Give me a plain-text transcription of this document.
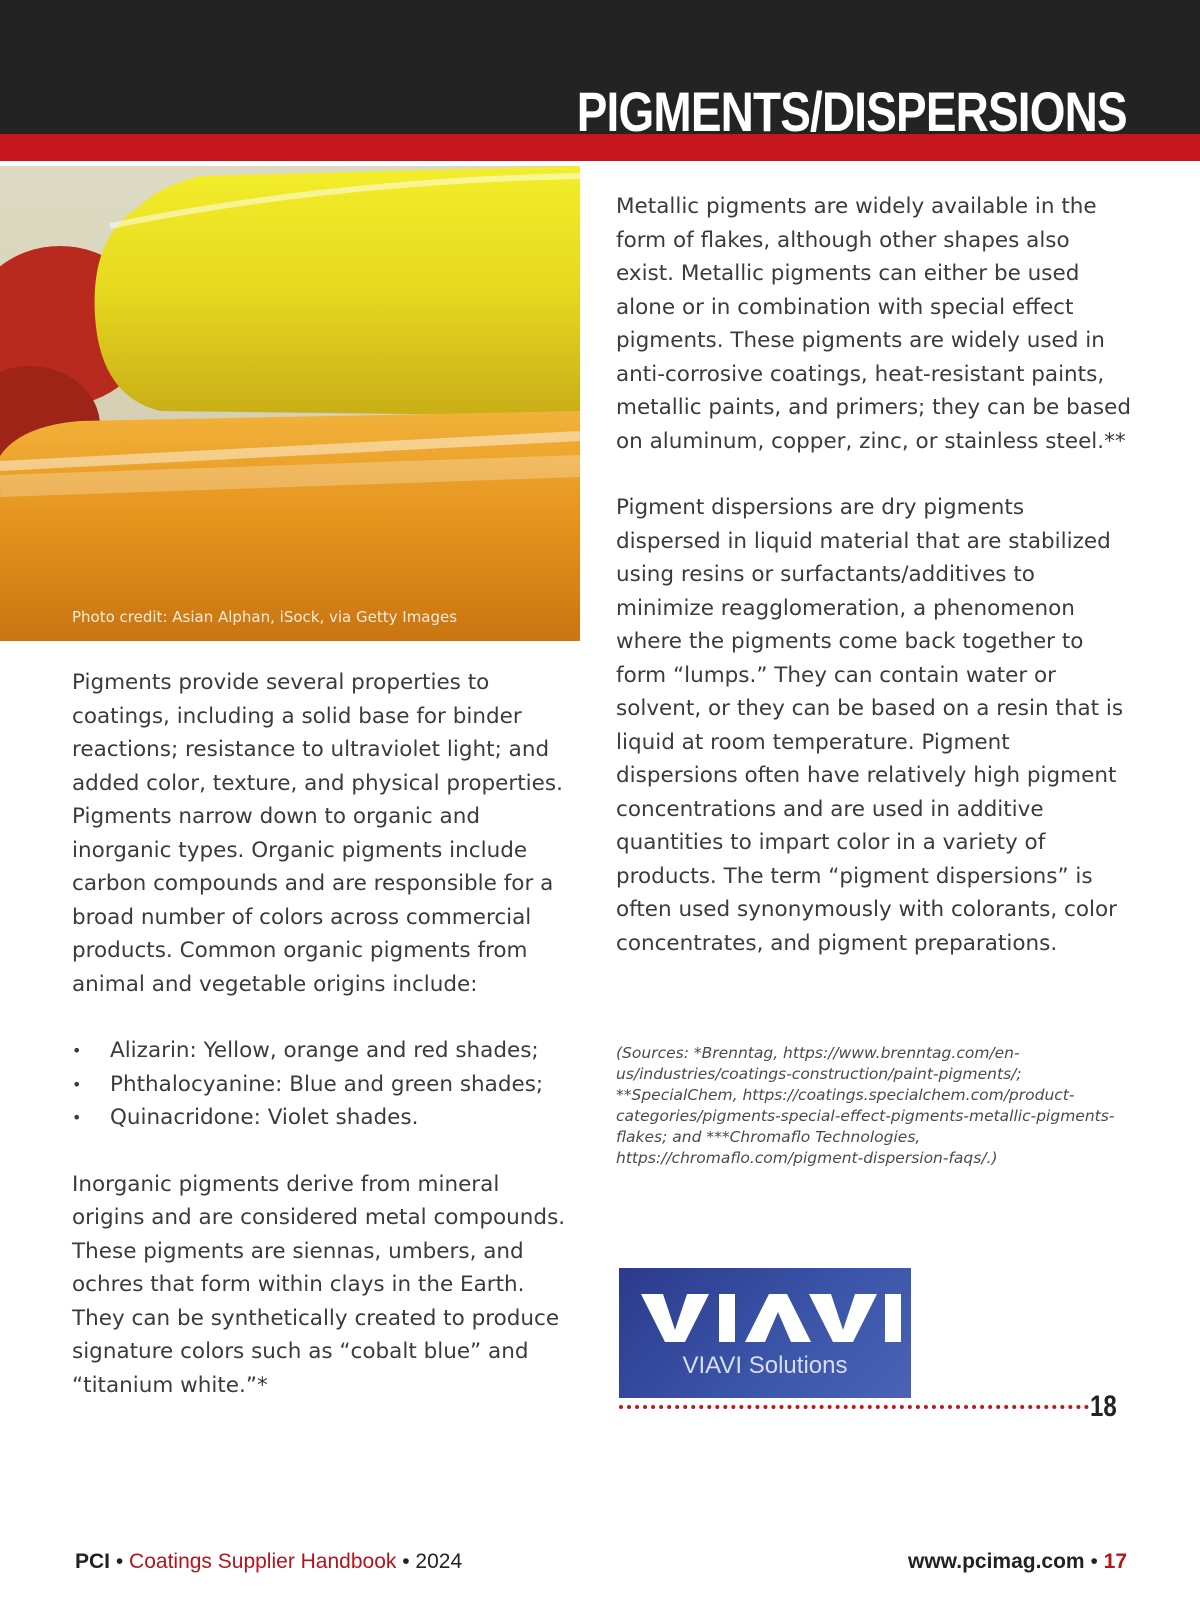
PIGMENTS/DISPERSIONS
Photo credit: Asian Alphan, iSock, via Getty Images

Pigments provide several properties to coatings, including a solid base for binder reactions; resistance to ultraviolet light; and added color, texture, and physical properties. Pigments narrow down to organic and inorganic types. Organic pigments include carbon compounds and are responsible for a broad number of colors across commercial products. Common organic pigments from animal and vegetable origins include:

• Alizarin: Yellow, orange and red shades;
• Phthalocyanine: Blue and green shades;
• Quinacridone: Violet shades.

Inorganic pigments derive from mineral origins and are considered metal compounds. These pigments are siennas, umbers, and ochres that form within clays in the Earth. They can be synthetically created to produce signature colors such as “cobalt blue” and “titanium white.”*

Metallic pigments are widely available in the form of flakes, although other shapes also exist. Metallic pigments can either be used alone or in combination with special effect pigments. These pigments are widely used in anti-corrosive coatings, heat-resistant paints, metallic paints, and primers; they can be based on aluminum, copper, zinc, or stainless steel.**

Pigment dispersions are dry pigments dispersed in liquid material that are stabilized using resins or surfactants/additives to minimize reagglomeration, a phenomenon where the pigments come back together to form “lumps.” They can contain water or solvent, or they can be based on a resin that is liquid at room temperature. Pigment dispersions often have relatively high pigment concentrations and are used in additive quantities to impart color in a variety of products. The term “pigment dispersions” is often used synonymously with colorants, color concentrates, and pigment preparations.

(Sources: *Brenntag, https://www.brenntag.com/en-us/industries/coatings-construction/paint-pigments/; **SpecialChem, https://coatings.specialchem.com/product-categories/pigments-special-effect-pigments-metallic-pigments-flakes; and ***Chromaflo Technologies, https://chromaflo.com/pigment-dispersion-faqs/.)
VIAVI Solutions
18
PCI • Coatings Supplier Handbook • 2024	www.pcimag.com • 17
